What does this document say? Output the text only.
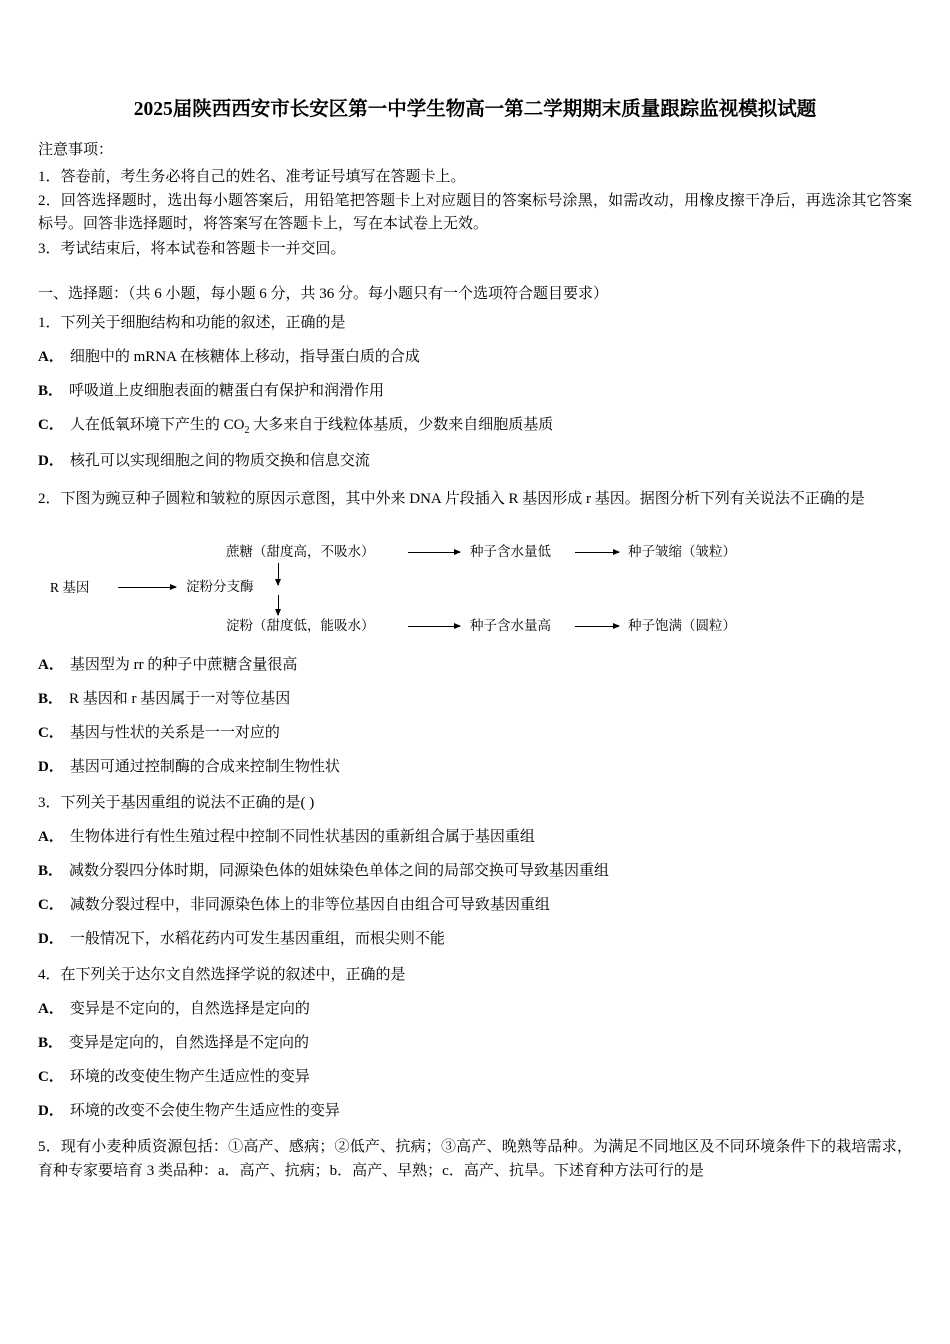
2025届陕西西安市长安区第一中学生物高一第二学期期末质量跟踪监视模拟试题
注意事项：
1．答卷前，考生务必将自己的姓名、准考证号填写在答题卡上。
2．回答选择题时，选出每小题答案后，用铅笔把答题卡上对应题目的答案标号涂黑，如需改动，用橡皮擦干净后，再选涂其它答案标号。回答非选择题时，将答案写在答题卡上，写在本试卷上无效。
3．考试结束后，将本试卷和答题卡一并交回。
一、选择题：（共 6 小题，每小题 6 分，共 36 分。每小题只有一个选项符合题目要求）
1．下列关于细胞结构和功能的叙述，正确的是
A． 细胞中的 mRNA 在核糖体上移动，指导蛋白质的合成
B． 呼吸道上皮细胞表面的糖蛋白有保护和润滑作用
C． 人在低氧环境下产生的 $CO_2$ 大多来自于线粒体基质，少数来自细胞质基质
D． 核孔可以实现细胞之间的物质交换和信息交流
2．下图为豌豆种子圆粒和皱粒的原因示意图，其中外来 DNA 片段插入 R 基因形成 r 基因。据图分析下列有关说法不正确的是
蔗糖（甜度高，不吸水）	种子含水量低	种子皱缩（皱粒）
R 基因	淀粉分支酶
淀粉（甜度低，能吸水）	种子含水量高	种子饱满（圆粒）
A． 基因型为 rr 的种子中蔗糖含量很高
B． R 基因和 r 基因属于一对等位基因
C． 基因与性状的关系是一一对应的
D． 基因可通过控制酶的合成来控制生物性状
3．下列关于基因重组的说法不正确的是( )
A． 生物体进行有性生殖过程中控制不同性状基因的重新组合属于基因重组
B． 减数分裂四分体时期，同源染色体的姐妹染色单体之间的局部交换可导致基因重组
C． 减数分裂过程中，非同源染色体上的非等位基因自由组合可导致基因重组
D． 一般情况下，水稻花药内可发生基因重组，而根尖则不能
4．在下列关于达尔文自然选择学说的叙述中，正确的是
A． 变异是不定向的，自然选择是定向的
B． 变异是定向的，自然选择是不定向的
C． 环境的改变使生物产生适应性的变异
D． 环境的改变不会使生物产生适应性的变异
5．现有小麦种质资源包括：①高产、感病；②低产、抗病；③高产、晚熟等品种。为满足不同地区及不同环境条件下的栽培需求，育种专家要培育 3 类品种：a．高产、抗病；b．高产、早熟；c．高产、抗旱。下述育种方法可行的是
